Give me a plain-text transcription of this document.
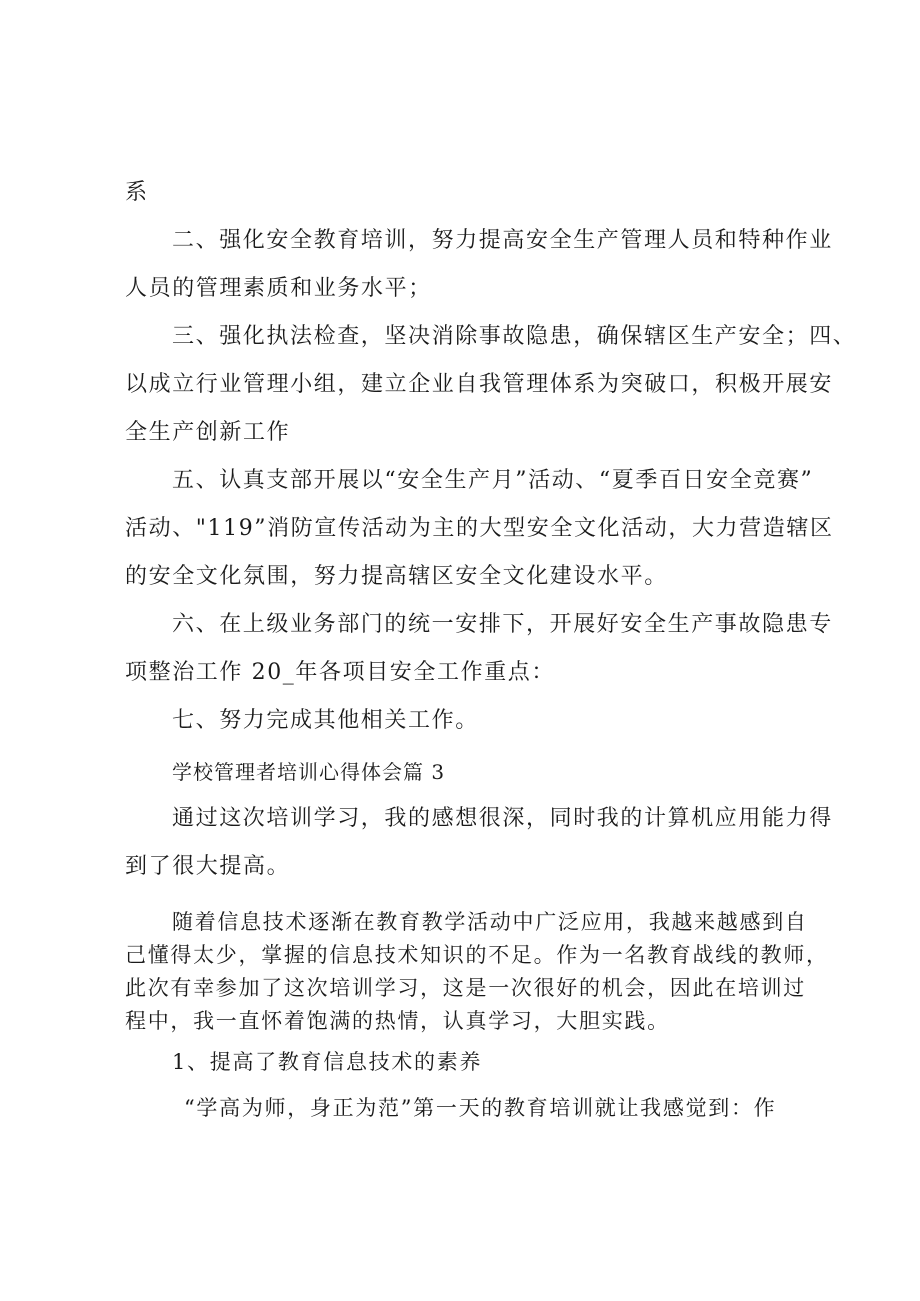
系
二、强化安全教育培训，努力提高安全生产管理人员和特种作业
人员的管理素质和业务水平；
三、强化执法检查，坚决消除事故隐患，确保辖区生产安全；四、
以成立行业管理小组，建立企业自我管理体系为突破口，积极开展安
全生产创新工作
五、认真支部开展以“安全生产月”活动、“夏季百日安全竞赛”
活动、"119”消防宣传活动为主的大型安全文化活动，大力营造辖区
的安全文化氛围，努力提高辖区安全文化建设水平。
六、在上级业务部门的统一安排下，开展好安全生产事故隐患专
项整治工作 20_年各项目安全工作重点：
七、努力完成其他相关工作。
学校管理者培训心得体会篇 3
通过这次培训学习，我的感想很深，同时我的计算机应用能力得
到了很大提高。
随着信息技术逐渐在教育教学活动中广泛应用，我越来越感到自
己懂得太少，掌握的信息技术知识的不足。作为一名教育战线的教师，
此次有幸参加了这次培训学习，这是一次很好的机会，因此在培训过
程中，我一直怀着饱满的热情，认真学习，大胆实践。
1、提高了教育信息技术的素养
“学高为师，身正为范”第一天的教育培训就让我感觉到：作
